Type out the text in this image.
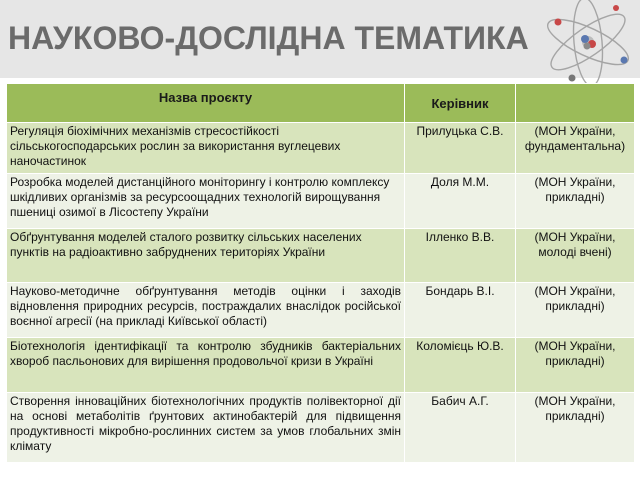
НАУКОВО-ДОСЛІДНА ТЕМАТИКА
Назва проєкту	Керівник	
Регуляція біохімічних механізмів стресостійкості сільськогосподарських рослин за використання вуглецевих наночастинок	Прилуцька С.В.	(МОН України, фундаментальна)
Розробка моделей дистанційного моніторингу і контролю комплексу шкідливих організмів за ресурсоощадних технологій вирощування пшениці озимої в Лісостепу України	Доля М.М.	(МОН України, прикладні)
Обґрунтування моделей сталого розвитку сільських населених пунктів на радіоактивно забруднених територіях України	Ілленко В.В.	(МОН України, молоді вчені)
Науково-методичне обґрунтування методів оцінки і заходів відновлення природних ресурсів, постраждалих внаслідок російської воєнної агресії (на прикладі Київської області)	Бондарь В.І.	(МОН України, прикладні)
Біотехнологія ідентифікації та контролю збудників бактеріальних хвороб пасльонових для вирішення продовольчої кризи в Україні	Коломієць Ю.В.	(МОН України, прикладні)
Створення інноваційних біотехнологічних продуктів полівекторної дії на основі метаболітів ґрунтових актинобактерій для підвищення продуктивності мікробно-рослинних систем за умов глобальних змін клімату	Бабич А.Г.	(МОН України, прикладні)
